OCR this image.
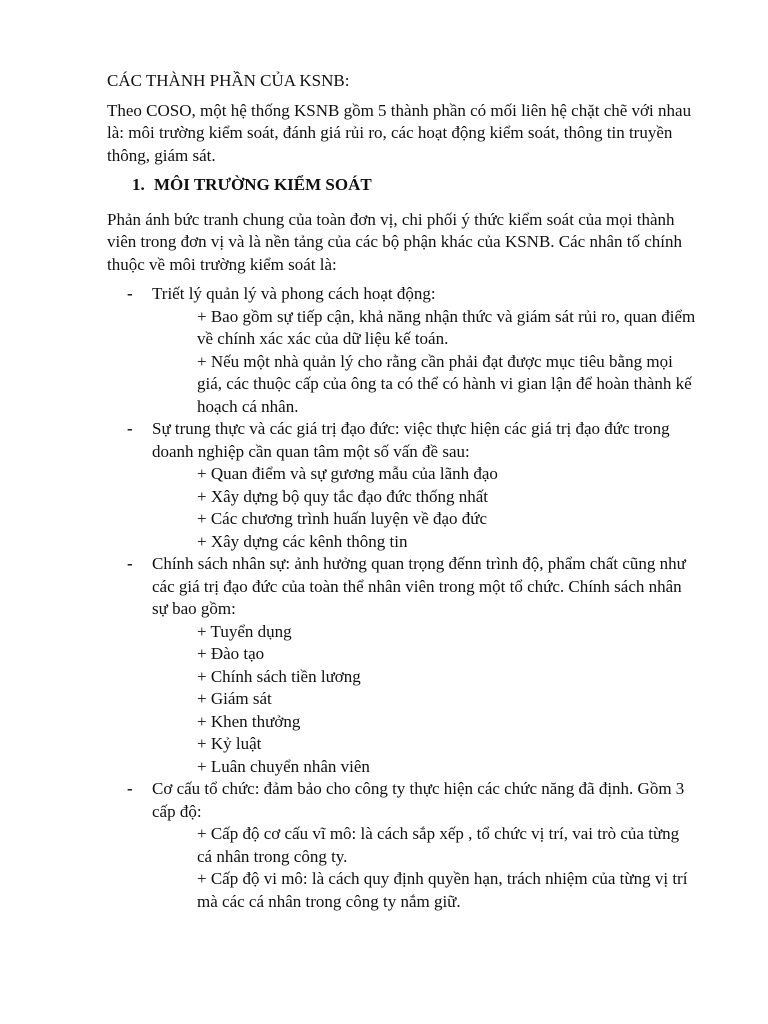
CÁC THÀNH PHẦN CỦA KSNB:

Theo COSO, một hệ thống KSNB gồm 5 thành phần có mối liên hệ chặt chẽ với nhau là: môi trường kiểm soát, đánh giá rủi ro, các hoạt động kiểm soát, thông tin truyền thông, giám sát.

1. MÔI TRƯỜNG KIỂM SOÁT

Phản ánh bức tranh chung của toàn đơn vị, chi phối ý thức kiểm soát của mọi thành viên trong đơn vị và là nền tảng của các bộ phận khác của KSNB. Các nhân tố chính thuộc về môi trường kiểm soát là:

- Triết lý quản lý và phong cách hoạt động:
+ Bao gồm sự tiếp cận, khả năng nhận thức và giám sát rủi ro, quan điểm về chính xác xác của dữ liệu kế toán.
+ Nếu một nhà quản lý cho rằng cần phải đạt được mục tiêu bằng mọi giá, các thuộc cấp của ông ta có thể có hành vi gian lận để hoàn thành kế hoạch cá nhân.
- Sự trung thực và các giá trị đạo đức: việc thực hiện các giá trị đạo đức trong doanh nghiệp cần quan tâm một số vấn đề sau:
+ Quan điểm và sự gương mẫu của lãnh đạo
+ Xây dựng bộ quy tắc đạo đức thống nhất
+ Các chương trình huấn luyện về đạo đức
+ Xây dựng các kênh thông tin
- Chính sách nhân sự: ảnh hưởng quan trọng đếnn trình độ, phẩm chất cũng như các giá trị đạo đức của toàn thể nhân viên trong một tổ chức. Chính sách nhân sự bao gồm:
+ Tuyển dụng
+ Đào tạo
+ Chính sách tiền lương
+ Giám sát
+ Khen thưởng
+ Kỷ luật
+ Luân chuyển nhân viên
- Cơ cấu tổ chức: đảm bảo cho công ty thực hiện các chức năng đã định. Gồm 3 cấp độ:
+ Cấp độ cơ cấu vĩ mô: là cách sắp xếp , tổ chức vị trí, vai trò của từng cá nhân trong công ty.
+ Cấp độ vi mô: là cách quy định quyền hạn, trách nhiệm của từng vị trí mà các cá nhân trong công ty nắm giữ.
